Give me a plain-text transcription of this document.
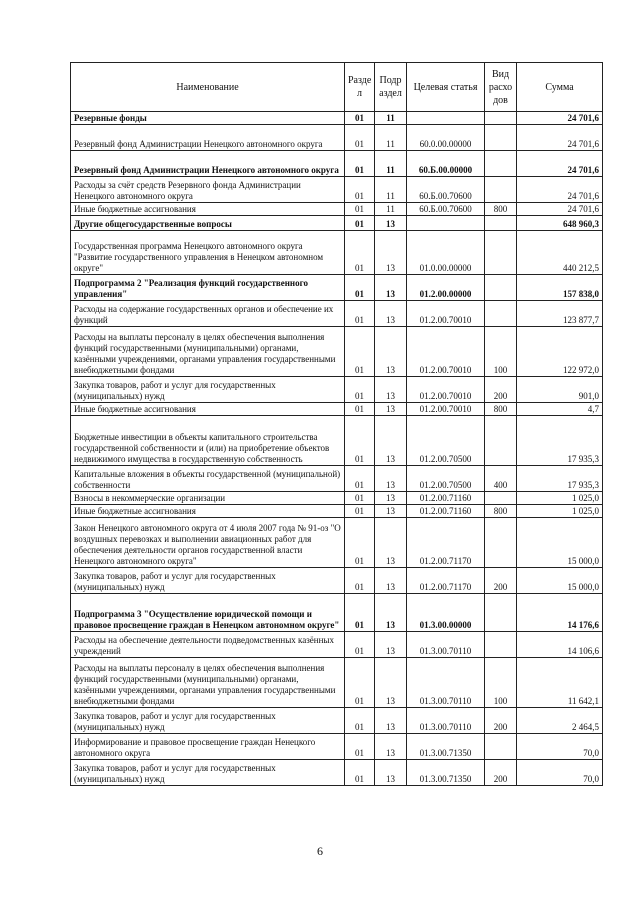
Наименование	Разде л	Подр аздел	Целевая статья	Вид расхо дов	Сумма
Резервные фонды	01	11			24 701,6
Резервный фонд Администрации Ненецкого автономного округа	01	11	60.0.00.00000		24 701,6
Резервный фонд Администрации Ненецкого автономного округа	01	11	60.Б.00.00000		24 701,6
Расходы за счёт средств Резервного фонда Администрации Ненецкого автономного округа	01	11	60.Б.00.70600		24 701,6
Иные бюджетные ассигнования	01	11	60.Б.00.70600	800	24 701,6
Другие общегосударственные вопросы	01	13			648 960,3
Государственная программа Ненецкого автономного округа "Развитие государственного управления в Ненецком автономном округе"	01	13	01.0.00.00000		440 212,5
Подпрограмма 2 "Реализация функций государственного управления"	01	13	01.2.00.00000		157 838,0
Расходы на содержание государственных органов и обеспечение их функций	01	13	01.2.00.70010		123 877,7
Расходы на выплаты персоналу в целях обеспечения выполнения функций государственными (муниципальными) органами, казёнными учреждениями, органами управления государственными внебюджетными фондами	01	13	01.2.00.70010	100	122 972,0
Закупка товаров, работ и услуг для государственных (муниципальных) нужд	01	13	01.2.00.70010	200	901,0
Иные бюджетные ассигнования	01	13	01.2.00.70010	800	4,7
Бюджетные инвестиции в объекты капитального строительства государственной собственности и (или) на приобретение объектов недвижимого имущества в государственную собственность	01	13	01.2.00.70500		17 935,3
Капитальные вложения в объекты государственной (муниципальной) собственности	01	13	01.2.00.70500	400	17 935,3
Взносы в некоммерческие организации	01	13	01.2.00.71160		1 025,0
Иные бюджетные ассигнования	01	13	01.2.00.71160	800	1 025,0
Закон Ненецкого автономного округа от 4 июля 2007 года № 91-оз "О воздушных перевозках и выполнении авиационных работ для обеспечения деятельности органов государственной власти Ненецкого автономного округа"	01	13	01.2.00.71170		15 000,0
Закупка товаров, работ и услуг для государственных (муниципальных) нужд	01	13	01.2.00.71170	200	15 000,0
Подпрограмма 3 "Осуществление юридической помощи и правовое просвещение граждан в Ненецком автономном округе"	01	13	01.3.00.00000		14 176,6
Расходы на обеспечение деятельности подведомственных казённых учреждений	01	13	01.3.00.70110		14 106,6
Расходы на выплаты персоналу в целях обеспечения выполнения функций государственными (муниципальными) органами, казёнными учреждениями, органами управления государственными внебюджетными фондами	01	13	01.3.00.70110	100	11 642,1
Закупка товаров, работ и услуг для государственных (муниципальных) нужд	01	13	01.3.00.70110	200	2 464,5
Информирование и правовое просвещение граждан Ненецкого автономного округа	01	13	01.3.00.71350		70,0
Закупка товаров, работ и услуг для государственных (муниципальных) нужд	01	13	01.3.00.71350	200	70,0
6
